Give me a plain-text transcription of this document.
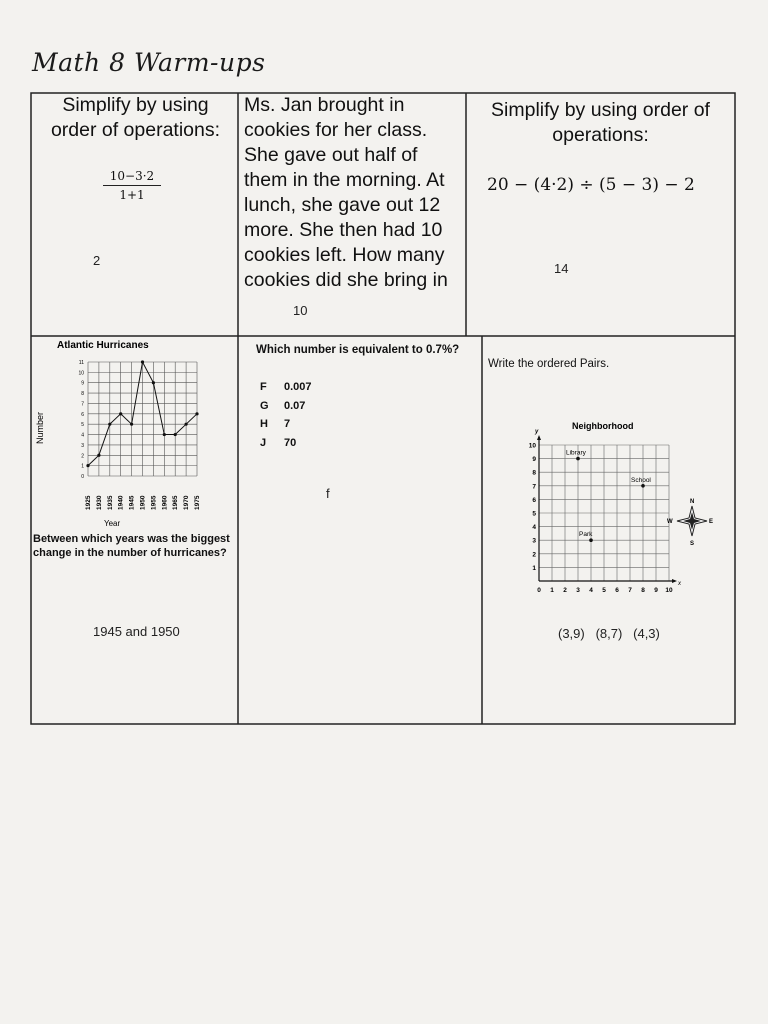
Math 8 Warm-ups
Simplify by using order of operations:
10−3·2
1+1
2
Ms. Jan brought in cookies for her class. She gave out half of them in the morning. At lunch, she gave out 12 more. She then had 10 cookies left. How many cookies did she bring in
10
Simplify by using order of operations:
20 − (4·2) ÷ (5 − 3) − 2
14
Atlantic Hurricanes
Number
Year
0
1
2
3
4
5
6
7
8
9
10
11
1925 1930 1935 1940 1945 1950 1955 1960 1965 1970 1975
Between which years was the biggest change in the number of hurricanes?
1945 and 1950
Which number is equivalent to 0.7%?
F 0.007
G 0.07
H 7
J 70
f
Write the ordered Pairs.
Neighborhood
x
y
0 1 2 3 4 5 6 7 8 9 10
1
2
3
4
5
6
7
8
9
10
Library
School
Park
N
E
S
W
(3,9)   (8,7)   (4,3)
